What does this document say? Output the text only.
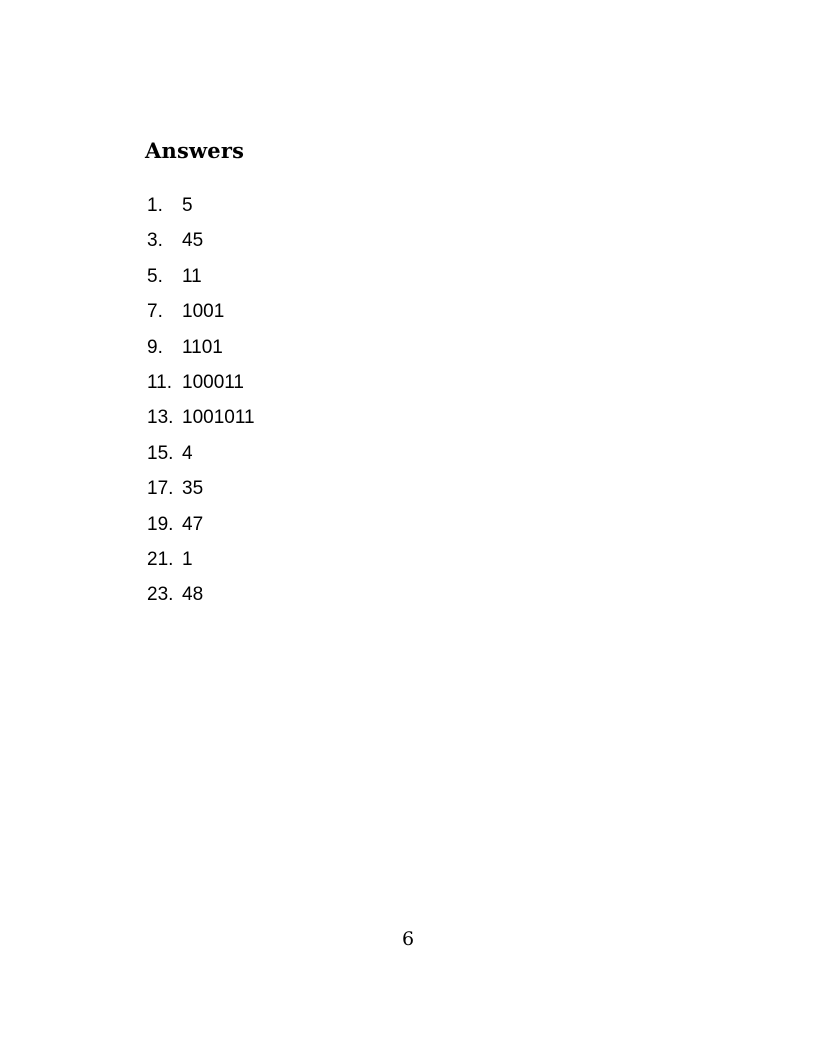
Answers
1. 5
3. 45
5. 11
7. 1001
9. 1101
11. 100011
13. 1001011
15. 4
17. 35
19. 47
21. 1
23. 48
6
